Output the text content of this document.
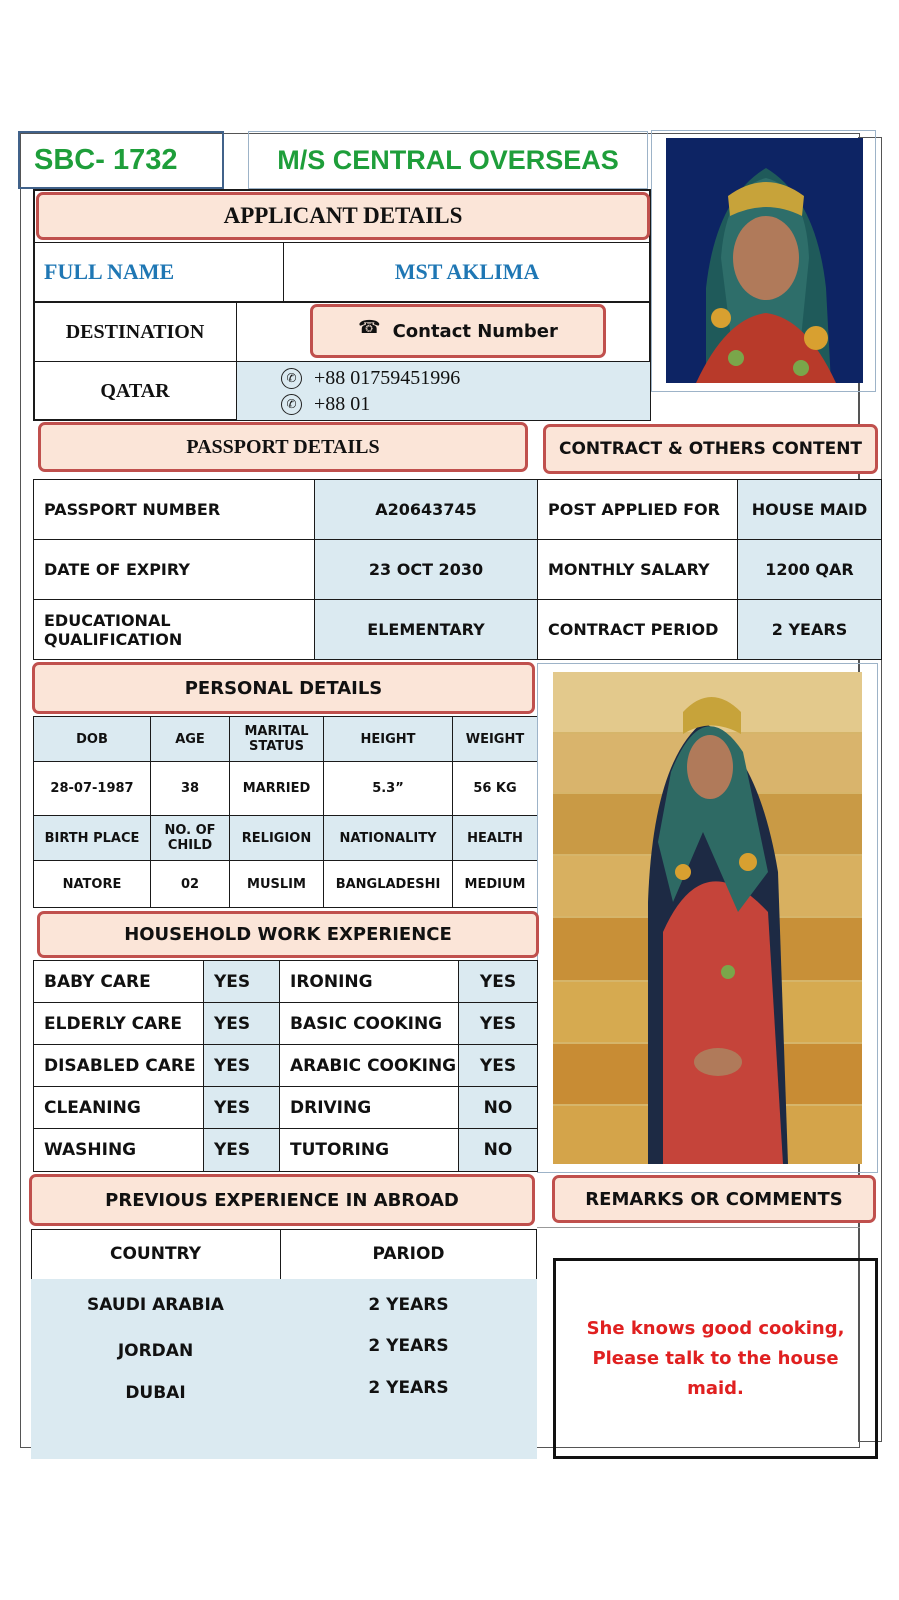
SBC- 1732	M/S CENTRAL OVERSEAS
APPLICANT DETAILS
FULL NAME	MST AKLIMA
DESTINATION	☎ Contact Number
QATAR
✆ +88 01759451996
✆ +88 01
PASSPORT DETAILS	CONTRACT & OTHERS CONTENT
PASSPORT NUMBER	A20643745	POST APPLIED FOR	HOUSE MAID
DATE OF EXPIRY	23 OCT 2030	MONTHLY SALARY	1200 QAR
EDUCATIONAL QUALIFICATION	ELEMENTARY	CONTRACT PERIOD	2 YEARS
PERSONAL DETAILS
DOB	AGE	MARITAL STATUS	HEIGHT	WEIGHT
28-07-1987	38	MARRIED	5.3”	56 KG
BIRTH PLACE	NO. OF CHILD	RELIGION	NATIONALITY	HEALTH
NATORE	02	MUSLIM	BANGLADESHI	MEDIUM
HOUSEHOLD WORK EXPERIENCE
BABY CARE	YES	IRONING	YES
ELDERLY CARE	YES	BASIC COOKING	YES
DISABLED CARE	YES	ARABIC COOKING	YES
CLEANING	YES	DRIVING	NO
WASHING	YES	TUTORING	NO
PREVIOUS EXPERIENCE IN ABROAD	REMARKS OR COMMENTS
COUNTRY	PARIOD
SAUDI ARABIA	2 YEARS
JORDAN	2 YEARS
DUBAI	2 YEARS
She knows good cooking, Please talk to the house maid.
